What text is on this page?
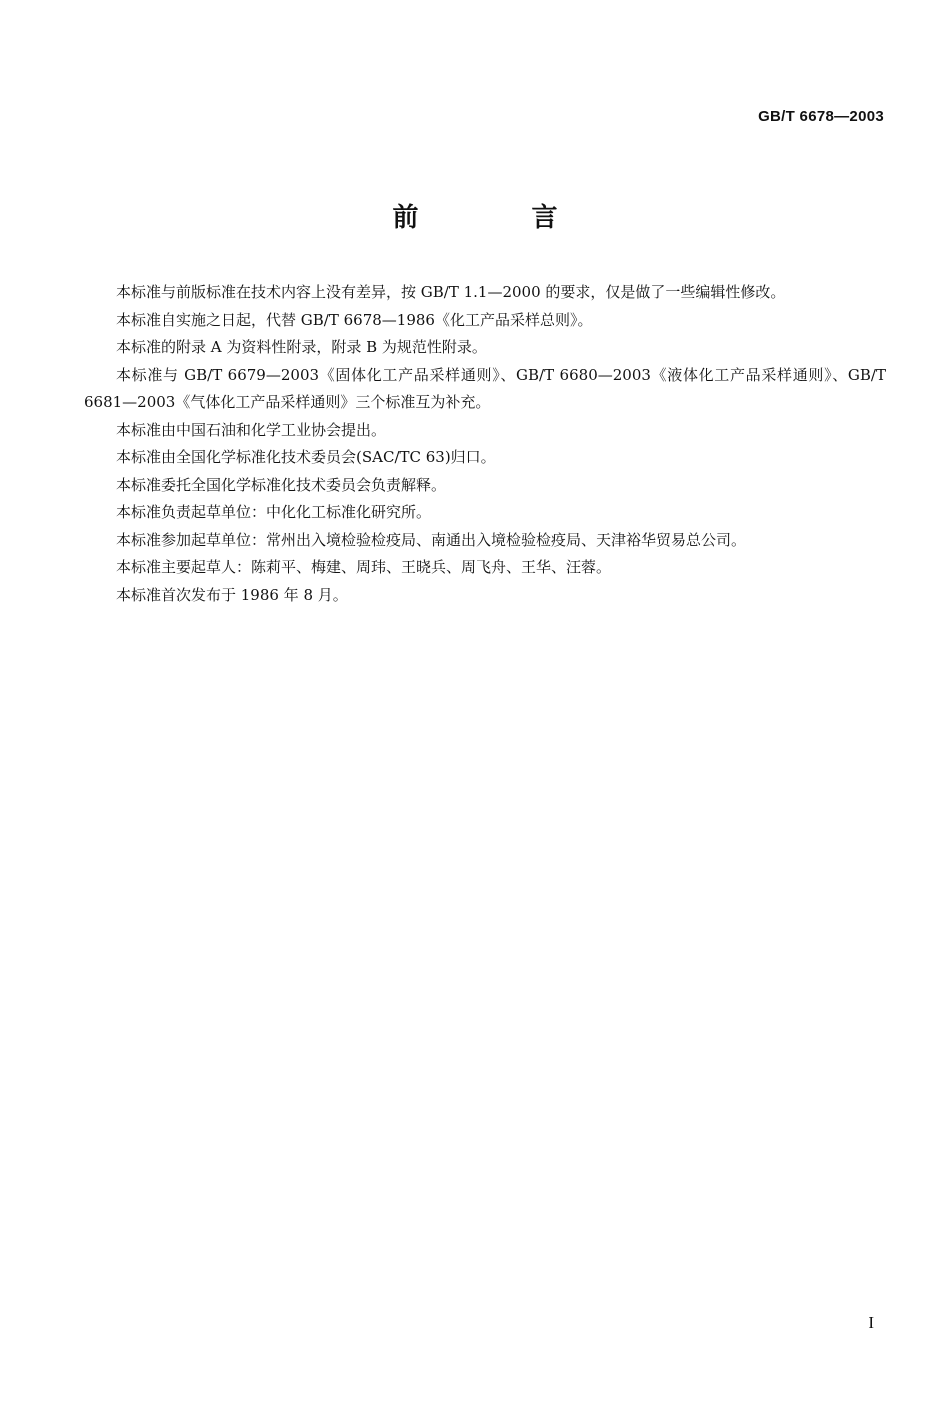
GB/T 6678—2003
前 言

本标准与前版标准在技术内容上没有差异，按 GB/T 1.1—2000 的要求，仅是做了一些编辑性修改。

本标准自实施之日起，代替 GB/T 6678—1986《化工产品采样总则》。

本标准的附录 A 为资料性附录，附录 B 为规范性附录。

本标准与 GB/T 6679—2003《固体化工产品采样通则》、GB/T 6680—2003《液体化工产品采样通则》、GB/T 6681—2003《气体化工产品采样通则》三个标准互为补充。

本标准由中国石油和化学工业协会提出。

本标准由全国化学标准化技术委员会(SAC/TC 63)归口。

本标准委托全国化学标准化技术委员会负责解释。

本标准负责起草单位：中化化工标准化研究所。

本标准参加起草单位：常州出入境检验检疫局、南通出入境检验检疫局、天津裕华贸易总公司。

本标准主要起草人：陈莉平、梅建、周玮、王晓兵、周飞舟、王华、汪蓉。

本标准首次发布于 1986 年 8 月。

I
